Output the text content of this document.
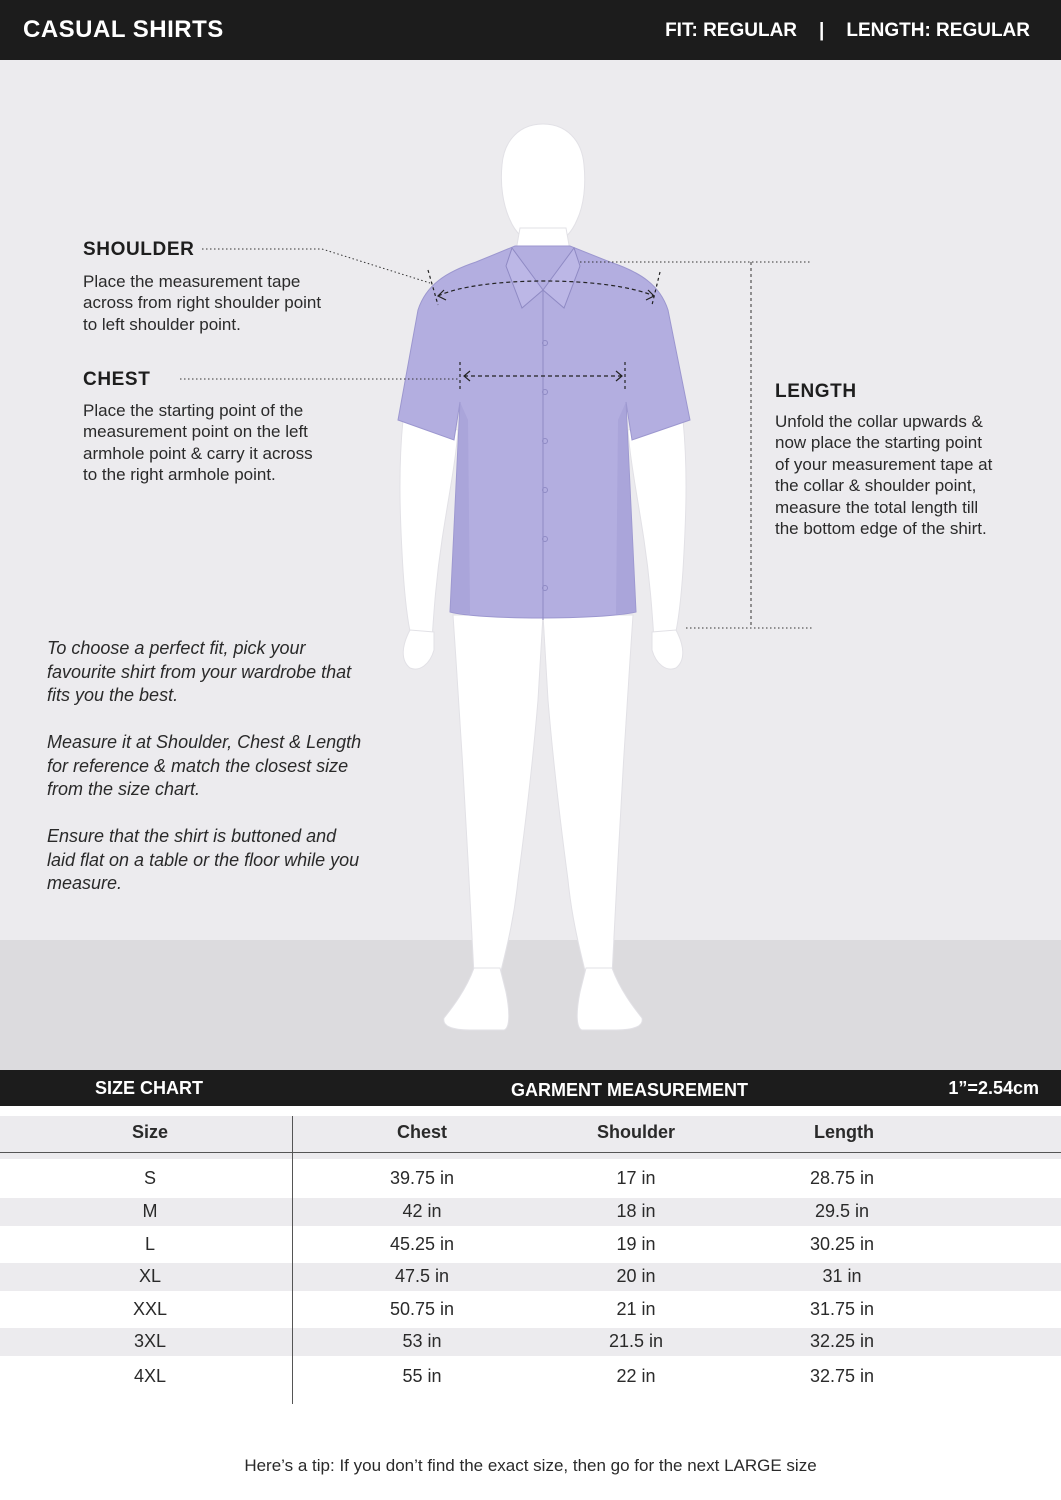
CASUAL SHIRTS	FIT: REGULAR | LENGTH: REGULAR
SHOULDER
Place the measurement tape
across from right shoulder point
to left shoulder point.
CHEST
Place the starting point of the
measurement point on the left
armhole point & carry it across
to the right armhole point.
LENGTH
Unfold the collar upwards &
now place the starting point
of your measurement tape at
the collar & shoulder point,
measure the total length till
the bottom edge of the shirt.
To choose a perfect fit, pick your
favourite shirt from your wardrobe that
fits you the best.
Measure it at Shoulder, Chest & Length
for reference & match the closest size
from the size chart.
Ensure that the shirt is buttoned and
laid flat on a table or the floor while you
measure.
SIZE CHART	GARMENT MEASUREMENT	1”=2.54cm
Size	Chest	Shoulder	Length
S	39.75 in	17 in	28.75 in
M	42 in	18 in	29.5 in
L	45.25 in	19 in	30.25 in
XL	47.5 in	20 in	31 in
XXL	50.75 in	21 in	31.75 in
3XL	53 in	21.5 in	32.25 in
4XL	55 in	22 in	32.75 in
Here’s a tip: If you don’t find the exact size, then go for the next LARGE size
